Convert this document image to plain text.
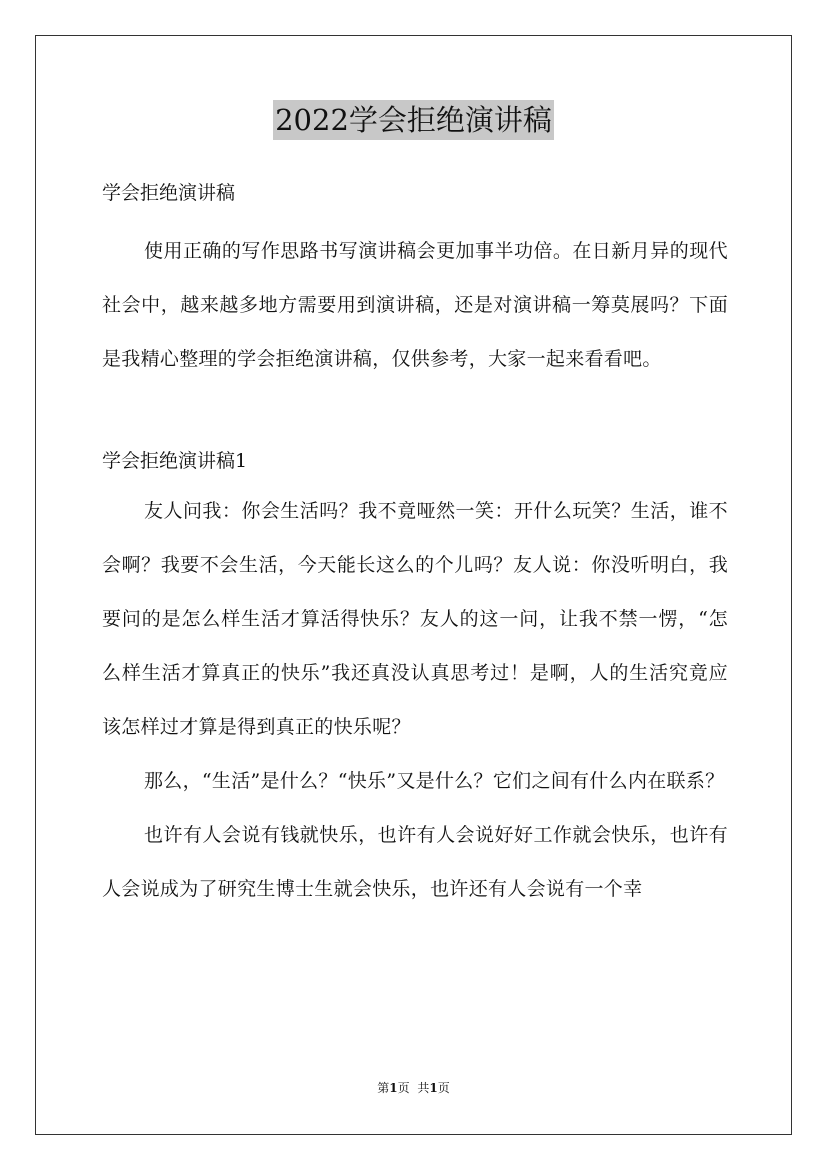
2022学会拒绝演讲稿

学会拒绝演讲稿

使用正确的写作思路书写演讲稿会更加事半功倍。在日新月异的现代社会中，越来越多地方需要用到演讲稿，还是对演讲稿一筹莫展吗？下面是我精心整理的学会拒绝演讲稿，仅供参考，大家一起来看看吧。

学会拒绝演讲稿1

友人问我：你会生活吗？我不竟哑然一笑：开什么玩笑？生活，谁不会啊？我要不会生活，今天能长这么的个儿吗？友人说：你没听明白，我要问的是怎么样生活才算活得快乐？友人的这一问，让我不禁一愣，“怎么样生活才算真正的快乐”我还真没认真思考过！是啊，人的生活究竟应该怎样过才算是得到真正的快乐呢？

那么，“生活”是什么？“快乐”又是什么？它们之间有什么内在联系？

也许有人会说有钱就快乐，也许有人会说好好工作就会快乐，也许有人会说成为了研究生博士生就会快乐，也许还有人会说有一个幸

第1页 共1页
